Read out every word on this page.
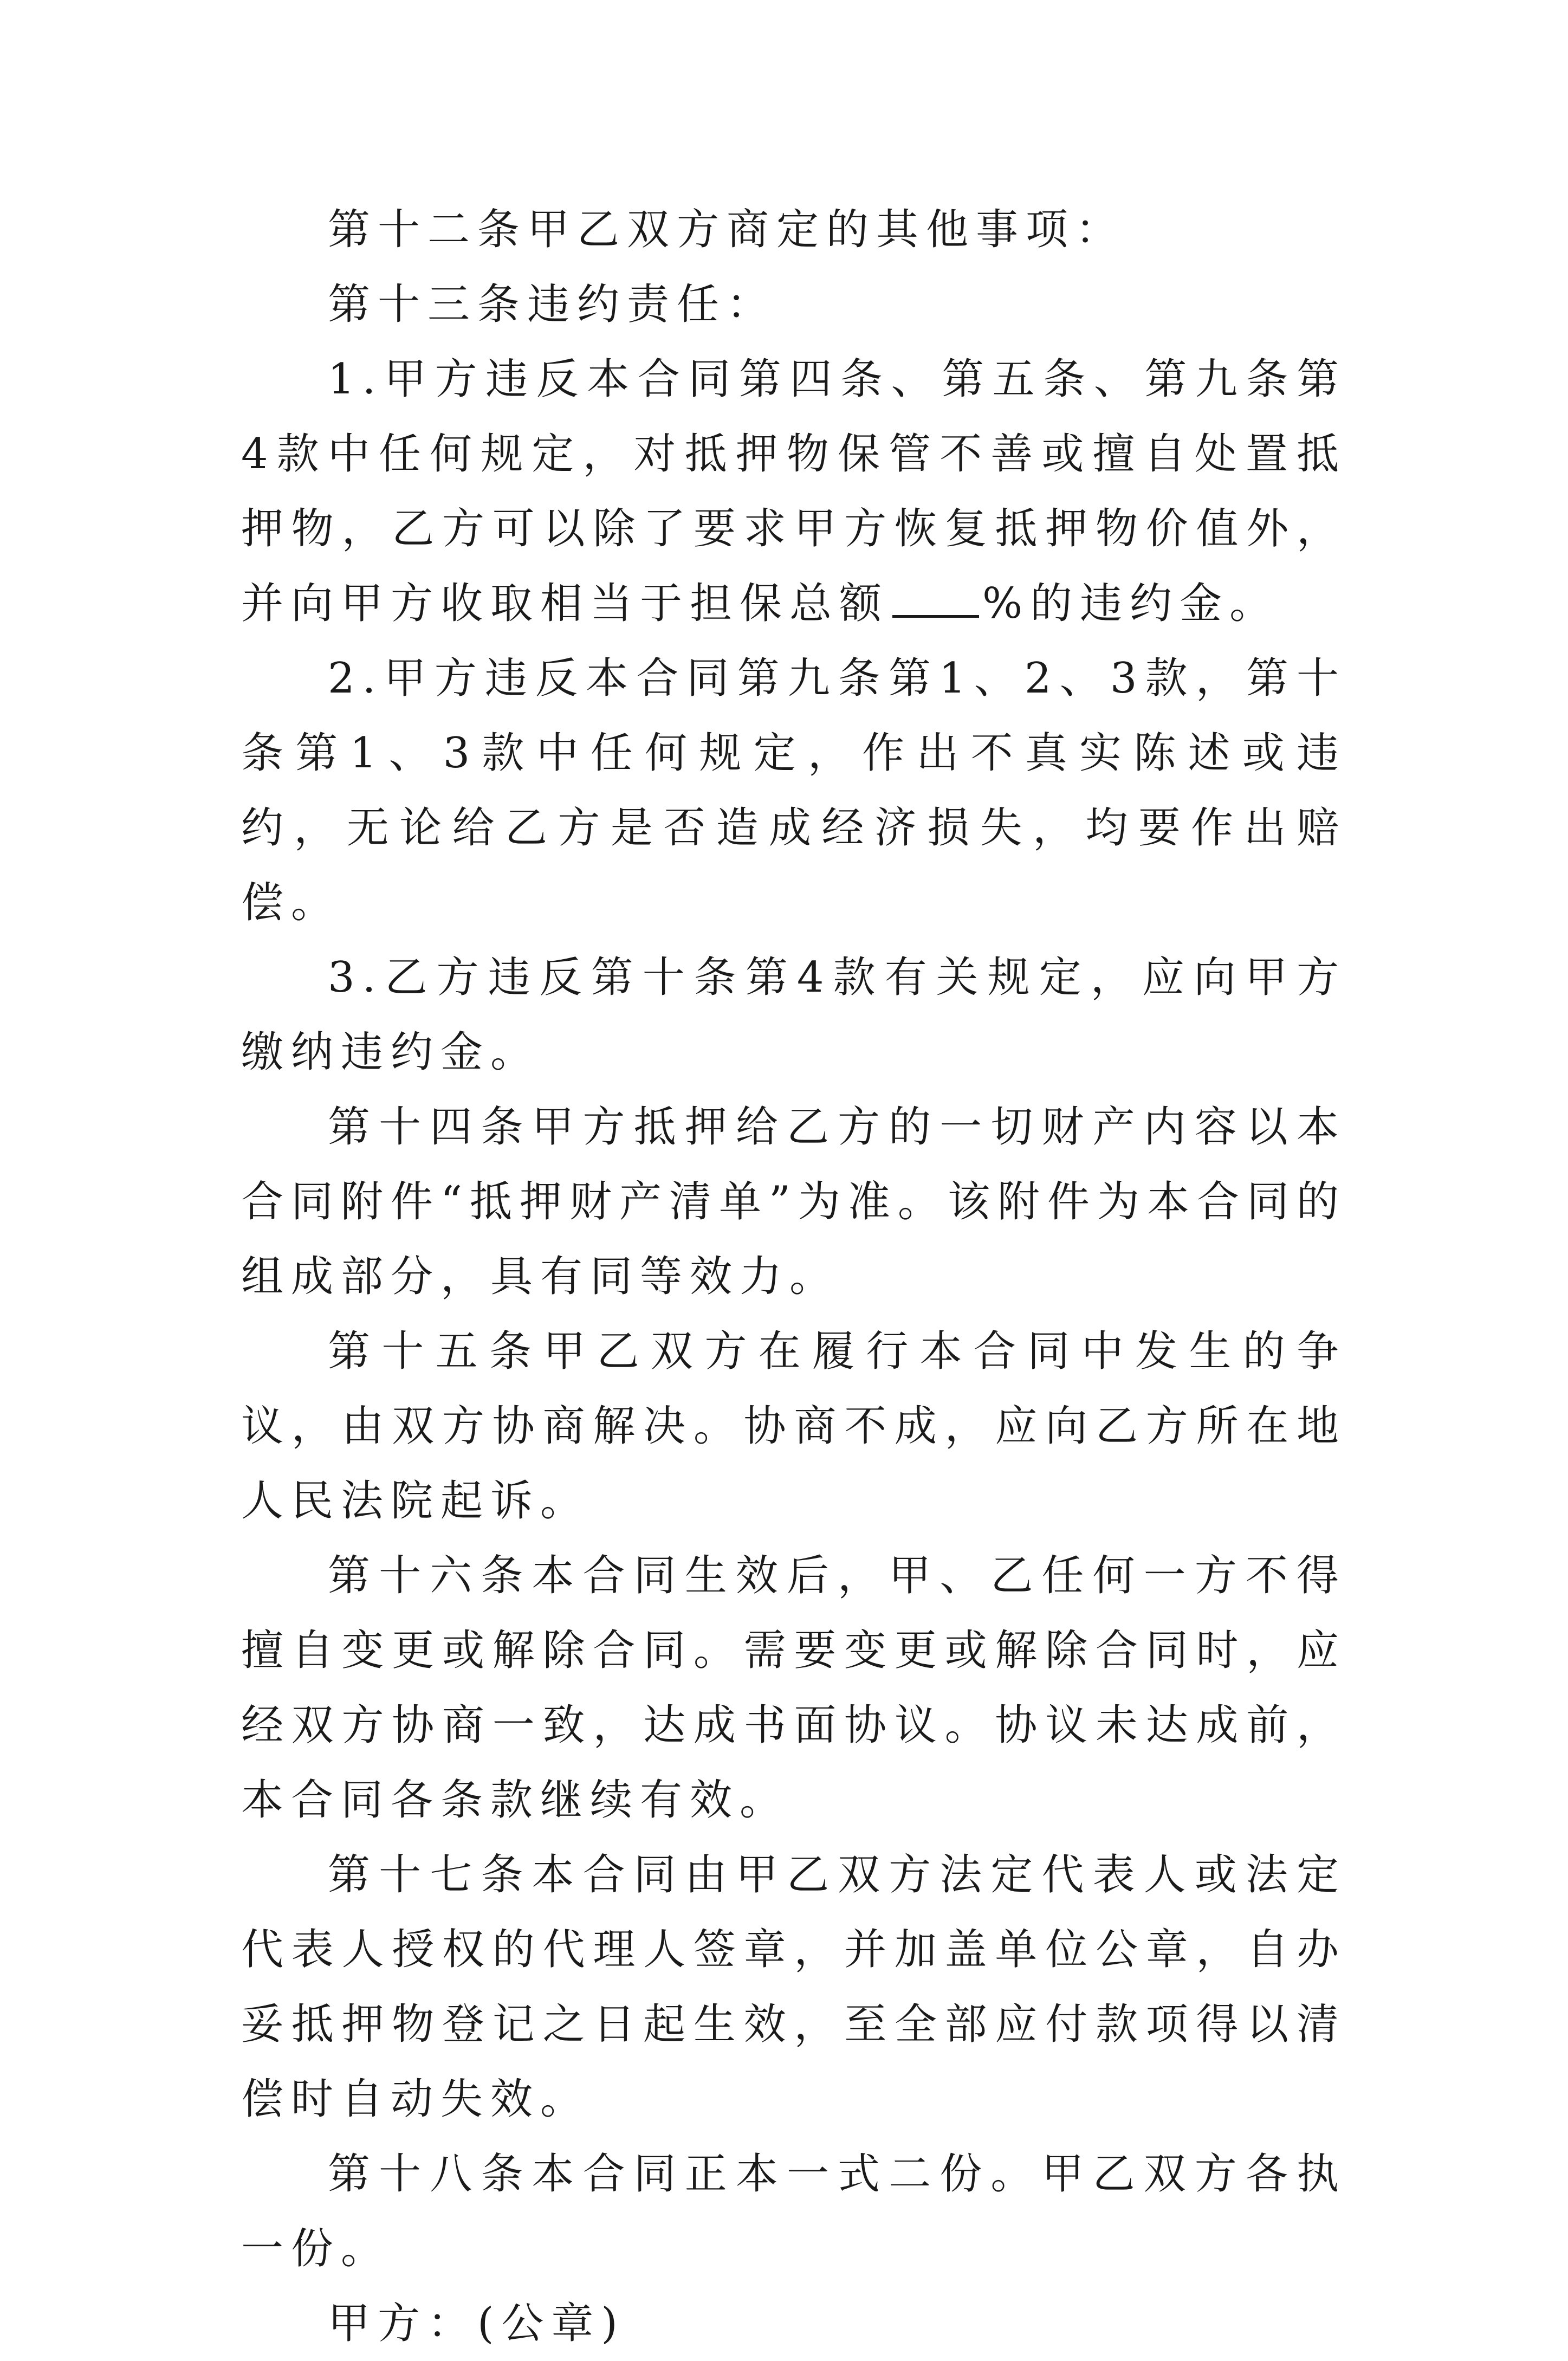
第十二条甲乙双方商定的其他事项：

第十三条违约责任：

1.甲方违反本合同第四条、第五条、第九条第4款中任何规定，对抵押物保管不善或擅自处置抵押物，乙方可以除了要求甲方恢复抵押物价值外，并向甲方收取相当于担保总额 %的违约金。

2.甲方违反本合同第九条第1、2、3款，第十条第1、3款中任何规定，作出不真实陈述或违约，无论给乙方是否造成经济损失，均要作出赔偿。

3.乙方违反第十条第4款有关规定，应向甲方缴纳违约金。

第十四条甲方抵押给乙方的一切财产内容以本合同附件“抵押财产清单”为准。该附件为本合同的组成部分，具有同等效力。

第十五条甲乙双方在履行本合同中发生的争议，由双方协商解决。协商不成，应向乙方所在地人民法院起诉。

第十六条本合同生效后，甲、乙任何一方不得擅自变更或解除合同。需要变更或解除合同时，应经双方协商一致，达成书面协议。协议未达成前，本合同各条款继续有效。

第十七条本合同由甲乙双方法定代表人或法定代表人授权的代理人签章，并加盖单位公章，自办妥抵押物登记之日起生效，至全部应付款项得以清偿时自动失效。

第十八条本合同正本一式二份。甲乙双方各执一份。

甲方：(公章)
